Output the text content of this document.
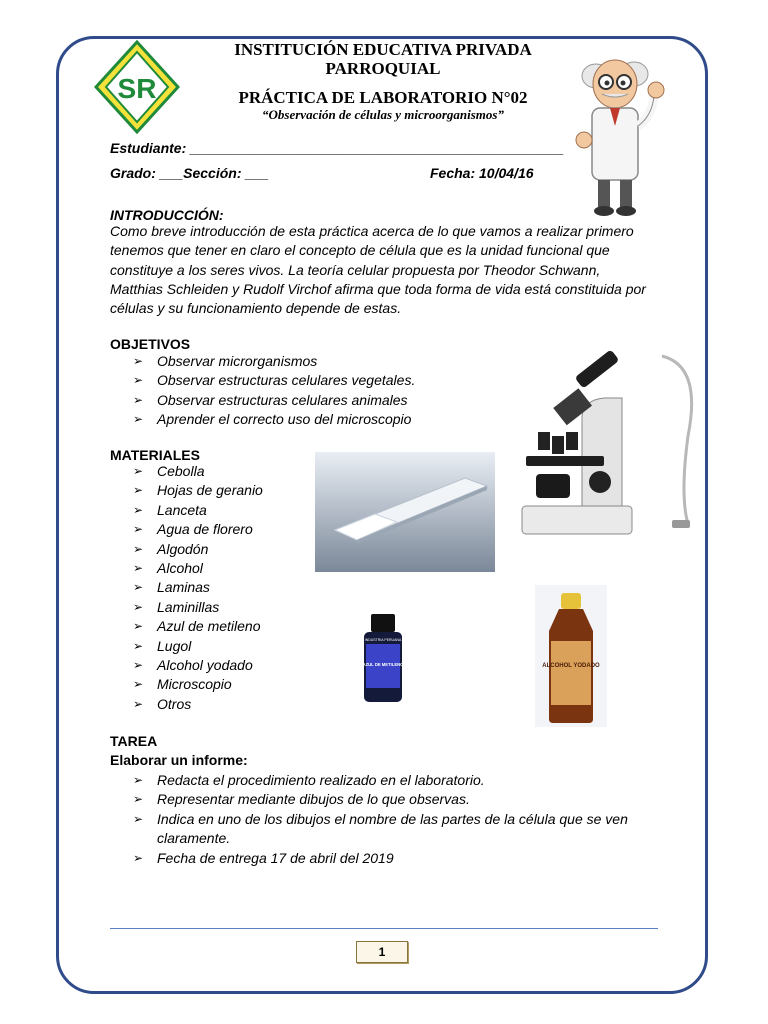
SR
INSTITUCIÓN EDUCATIVA PRIVADA
PARROQUIAL
PRÁCTICA DE LABORATORIO N°02
“Observación de células y microorganismos”
Estudiante: ________________________________________________
Grado: ___Sección: ___	Fecha: 10/04/16
INTRODUCCIÓN:
Como breve introducción de esta práctica acerca de lo que vamos a realizar primero tenemos que tener en claro el concepto de célula que es la unidad funcional que constituye a los seres vivos. La teoría celular propuesta por Theodor Schwann, Matthias Schleiden y Rudolf Virchof afirma que toda forma de vida está constituida por células y su funcionamiento depende de estas.
OBJETIVOS
➢ Observar microrganismos
➢ Observar estructuras celulares vegetales.
➢ Observar estructuras celulares animales
➢ Aprender el correcto uso del microscopio
MATERIALES
➢ Cebolla
➢ Hojas de geranio
➢ Lanceta
➢ Agua de florero
➢ Algodón
➢ Alcohol
➢ Laminas
➢ Laminillas
➢ Azul de metileno
➢ Lugol
➢ Alcohol yodado
➢ Microscopio
➢ Otros
INDUSTRIA PERUANA
AZUL DE METILENO	ALCOHOL YODADO
TAREA
Elaborar un informe:
➢ Redacta el procedimiento realizado en el laboratorio.
➢ Representar mediante dibujos de lo que observas.
➢ Indica en uno de los dibujos el nombre de las partes de la célula que se ven claramente.
➢ Fecha de entrega 17 de abril del 2019
1
